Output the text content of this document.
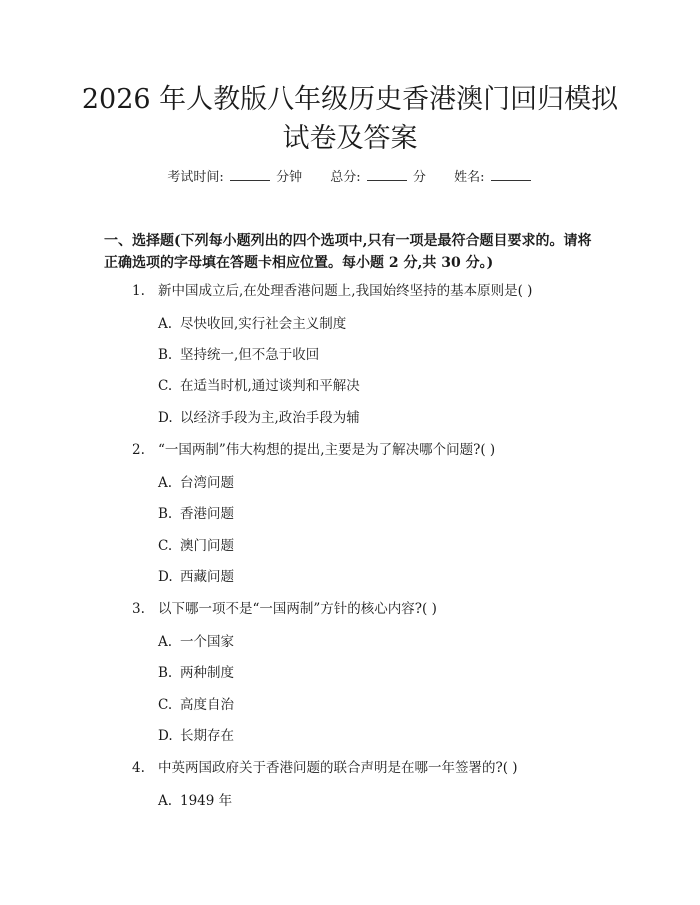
2026 年人教版八年级历史香港澳门回归模拟
试卷及答案
考试时间:	分钟 总分:	分 姓名:

一、选择题(下列每小题列出的四个选项中,只有一项是最符合题目要求的。请将正确选项的字母填在答题卡相应位置。每小题 2 分,共 30 分。)

1. 新中国成立后,在处理香港问题上,我国始终坚持的基本原则是( )
A. 尽快收回,实行社会主义制度
B. 坚持统一,但不急于收回
C. 在适当时机,通过谈判和平解决
D. 以经济手段为主,政治手段为辅
2. “一国两制”伟大构想的提出,主要是为了解决哪个问题?( )
A. 台湾问题
B. 香港问题
C. 澳门问题
D. 西藏问题
3. 以下哪一项不是“一国两制”方针的核心内容?( )
A. 一个国家
B. 两种制度
C. 高度自治
D. 长期存在
4. 中英两国政府关于香港问题的联合声明是在哪一年签署的?( )
A. 1949 年
